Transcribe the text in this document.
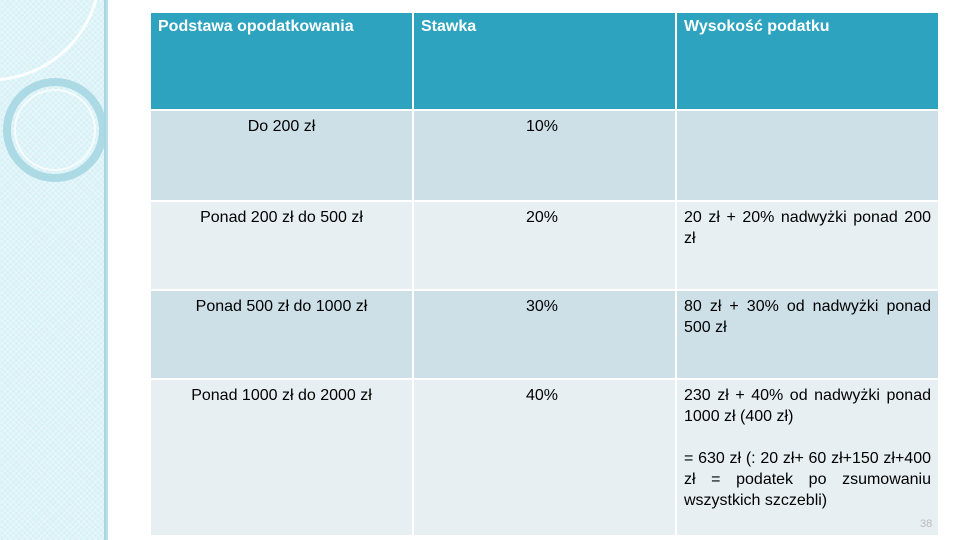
Podstawa opodatkowania	Stawka	Wysokość podatku
Do 200 zł	10%	
Ponad 200 zł do 500 zł	20%	20 zł + 20% nadwyżki ponad 200 zł
Ponad 500 zł do 1000 zł	30%	80 zł + 30% od nadwyżki ponad 500 zł
Ponad 1000 zł do 2000 zł	40%	230 zł + 40% od nadwyżki ponad 1000 zł (400 zł)
= 630 zł (: 20 zł+ 60 zł+150 zł+400 zł = podatek po zsumowaniu wszystkich szczebli)
38
